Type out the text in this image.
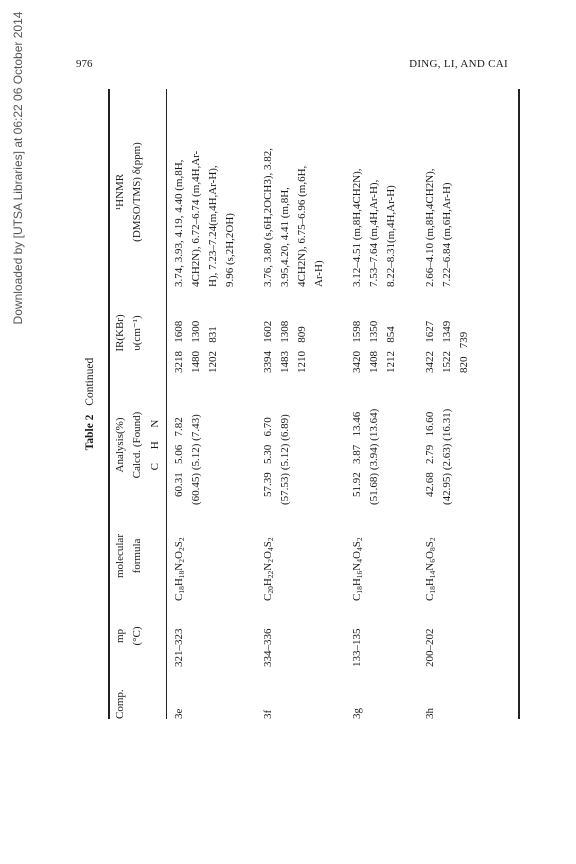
976	DING, LI, AND CAI
Downloaded by [UTSA Libraries] at 06:22 06 October 2014
Table 2 Continued
Comp.
mp (°C)
molecular formula
Analysis(%) Calcd. (Found) C     H     N
IR(KBr) υ(cm⁻¹)
¹HNMR (DMSO/TMS) δ(ppm)
3e
321–323
$C_{18}H_{18}N_2O_2S_2$
60.31   5.06   7.82 (60.45) (5.12) (7.43)
3218   1608 1480   1300 1202   831
3.74, 3.93, 4.19, 4.40 (m,8H, 4CH2N), 6.72–6.74 (m,4H,Ar- H), 7.23–7.24(m,4H,Ar-H), 9.96 (s,2H,2OH)
3f
334–336
$C_{20}H_{22}N_2O_4S_2$
57.39   5.30   6.70 (57.53) (5.12) (6.89)
3394   1602 1483   1308 1210   809
3.76, 3.80 (s,6H,2OCH3), 3.82, 3.95,4.20, 4.41 (m,8H, 4CH2N), 6.75–6.96 (m,6H, Ar-H)
3g
133–135
$C_{18}H_{16}N_4O_4S_2$
51.92   3.87   13.46 (51.68) (3.94) (13.64)
3420   1598 1408   1350 1212   854
3.12–4.51 (m,8H,4CH2N), 7.53–7.64 (m,4H,Ar-H), 8.22–8.31(m,4H,Ar-H)
3h
200–202
$C_{18}H_{14}N_6O_8S_2$
42.68   2.79   16.60 (42.95) (2.63) (16.31)
3422   1627 1522   1349 820   739
2.66–4.10 (m,8H,4CH2N), 7.22–6.84 (m,6H,Ar-H)
